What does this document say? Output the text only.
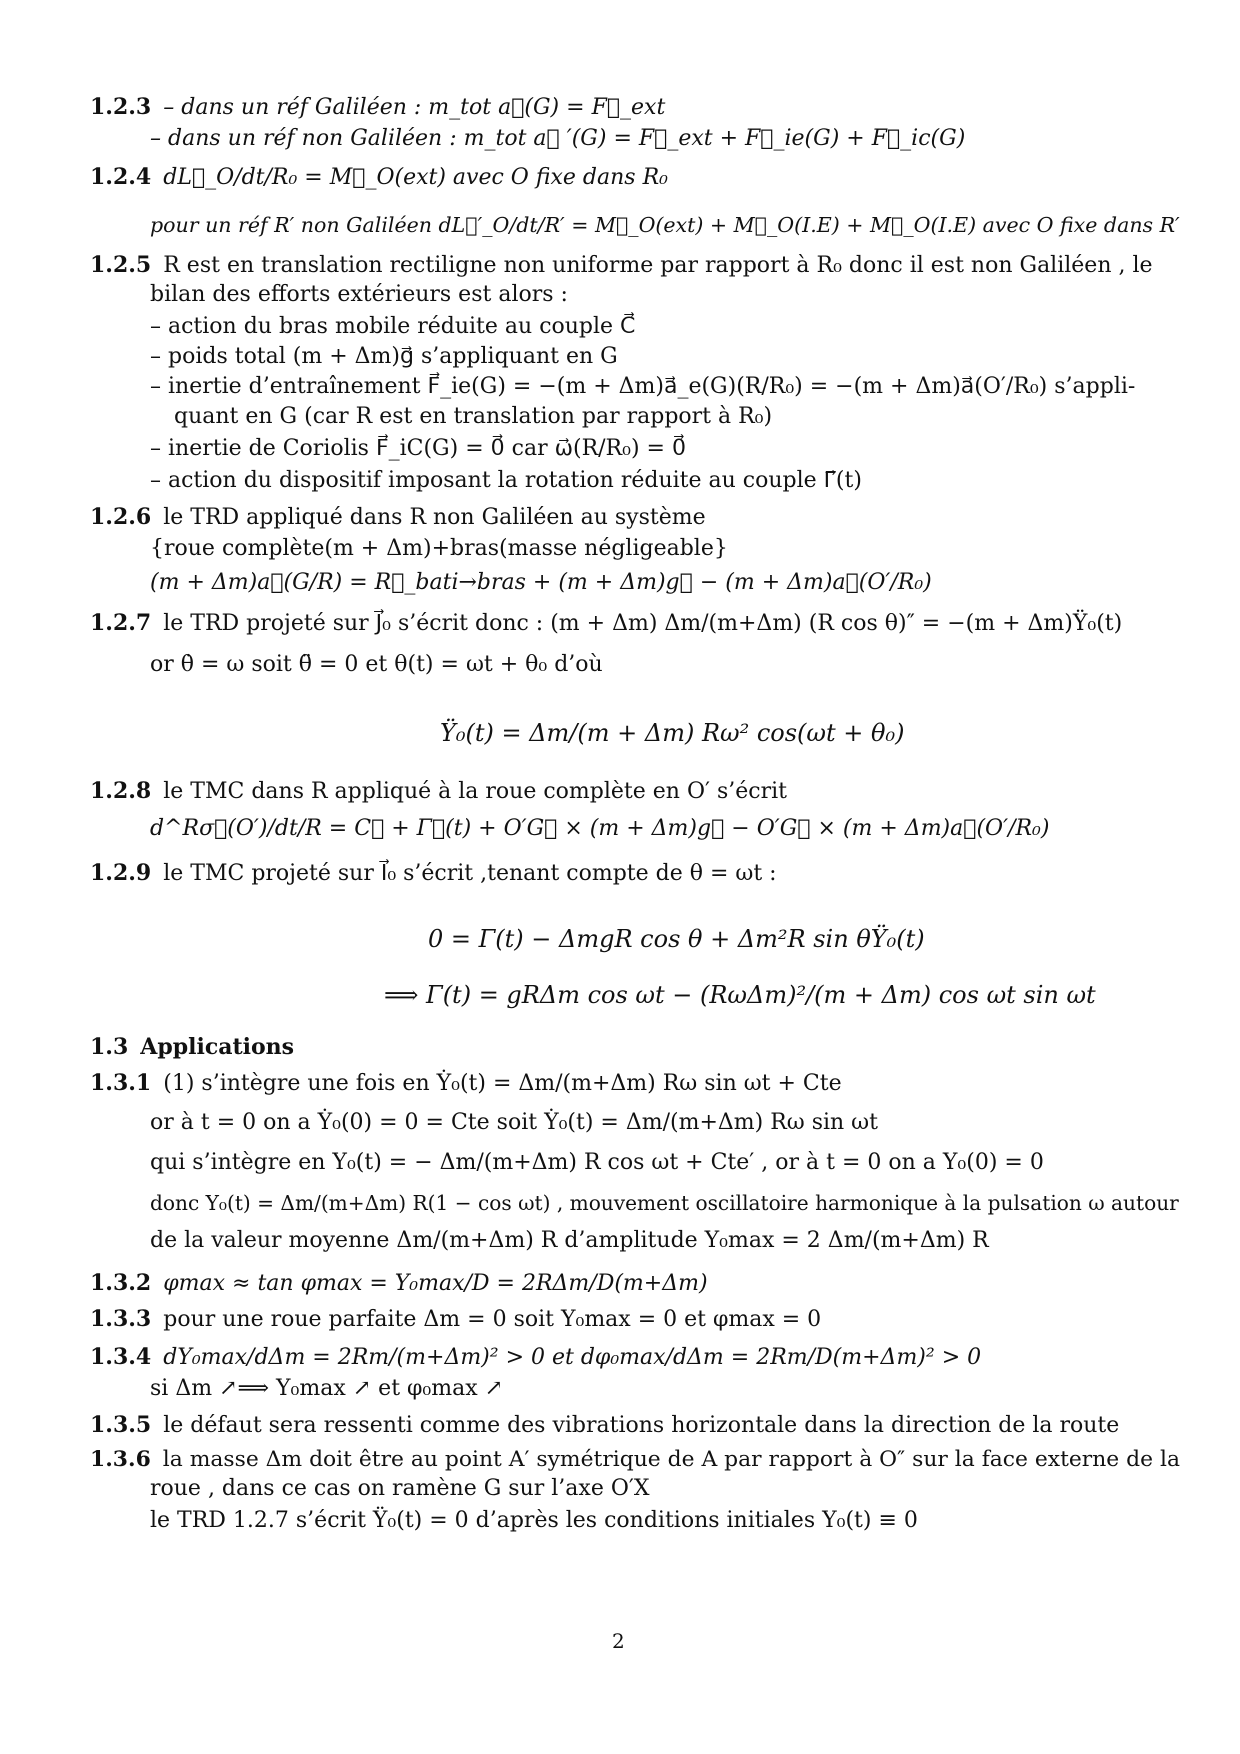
1.2.3 – dans un réf Galiléen : m_tot a⃗(G) = F⃗_ext
– dans un réf non Galiléen : m_tot a⃗ ′(G) = F⃗_ext + F⃗_ie(G) + F⃗_ic(G)
1.2.4 dL⃗_O/dt/R₀ = M⃗_O(ext) avec O fixe dans R₀
pour un réf R′ non Galiléen dL⃗′_O/dt/R′ = M⃗_O(ext) + M⃗_O(I.E) + M⃗_O(I.E) avec O fixe dans R′
1.2.5 R est en translation rectiligne non uniforme par rapport à R₀ donc il est non Galiléen , le
bilan des efforts extérieurs est alors :
– action du bras mobile réduite au couple C⃗
– poids total (m + Δm)g⃗ s’appliquant en G
– inertie d’entraînement F⃗_ie(G) = −(m + Δm)a⃗_e(G)(R/R₀) = −(m + Δm)a⃗(O′/R₀) s’appli-
quant en G (car R est en translation par rapport à R₀)
– inertie de Coriolis F⃗_iC(G) = 0⃗ car ω⃗(R/R₀) = 0⃗
– action du dispositif imposant la rotation réduite au couple Γ⃗(t)
1.2.6 le TRD appliqué dans R non Galiléen au système
{roue complète(m + Δm)+bras(masse négligeable}
(m + Δm)a⃗(G/R) = R⃗_bati→bras + (m + Δm)g⃗ − (m + Δm)a⃗(O′/R₀)
1.2.7 le TRD projeté sur J⃗₀ s’écrit donc : (m + Δm) Δm/(m+Δm) (R cos θ)″ = −(m + Δm)Ÿ₀(t)
or θ̇ = ω soit θ̈ = 0 et θ(t) = ωt + θ₀ d’où
Ÿ₀(t) = Δm/(m + Δm) Rω² cos(ωt + θ₀)
1.2.8 le TMC dans R appliqué à la roue complète en O′ s’écrit
d^Rσ⃗(O′)/dt/R = C⃗ + Γ⃗(t) + O′G⃗ × (m + Δm)g⃗ − O′G⃗ × (m + Δm)a⃗(O′/R₀)
1.2.9 le TMC projeté sur I⃗₀ s’écrit ,tenant compte de θ = ωt :
0 = Γ(t) − ΔmgR cos θ + Δm²R sin θŸ₀(t)
⟹ Γ(t) = gRΔm cos ωt − (RωΔm)²/(m + Δm) cos ωt sin ωt
1.3 Applications
1.3.1 (1) s’intègre une fois en Ẏ₀(t) = Δm/(m+Δm) Rω sin ωt + Cte
or à t = 0 on a Ẏ₀(0) = 0 = Cte soit Ẏ₀(t) = Δm/(m+Δm) Rω sin ωt
qui s’intègre en Y₀(t) = − Δm/(m+Δm) R cos ωt + Cte′ , or à t = 0 on a Y₀(0) = 0
donc Y₀(t) = Δm/(m+Δm) R(1 − cos ωt) , mouvement oscillatoire harmonique à la pulsation ω autour
de la valeur moyenne Δm/(m+Δm) R d’amplitude Y₀max = 2 Δm/(m+Δm) R
1.3.2 φmax ≈ tan φmax = Y₀max/D = 2RΔm/D(m+Δm)
1.3.3 pour une roue parfaite Δm = 0 soit Y₀max = 0 et φmax = 0
1.3.4 dY₀max/dΔm = 2Rm/(m+Δm)² > 0 et dφ₀max/dΔm = 2Rm/D(m+Δm)² > 0
si Δm ↗⟹ Y₀max ↗ et φ₀max ↗
1.3.5 le défaut sera ressenti comme des vibrations horizontale dans la direction de la route
1.3.6 la masse Δm doit être au point A′ symétrique de A par rapport à O″ sur la face externe de la
roue , dans ce cas on ramène G sur l’axe O′X
le TRD 1.2.7 s’écrit Ÿ₀(t) = 0 d’après les conditions initiales Y₀(t) ≡ 0
2
